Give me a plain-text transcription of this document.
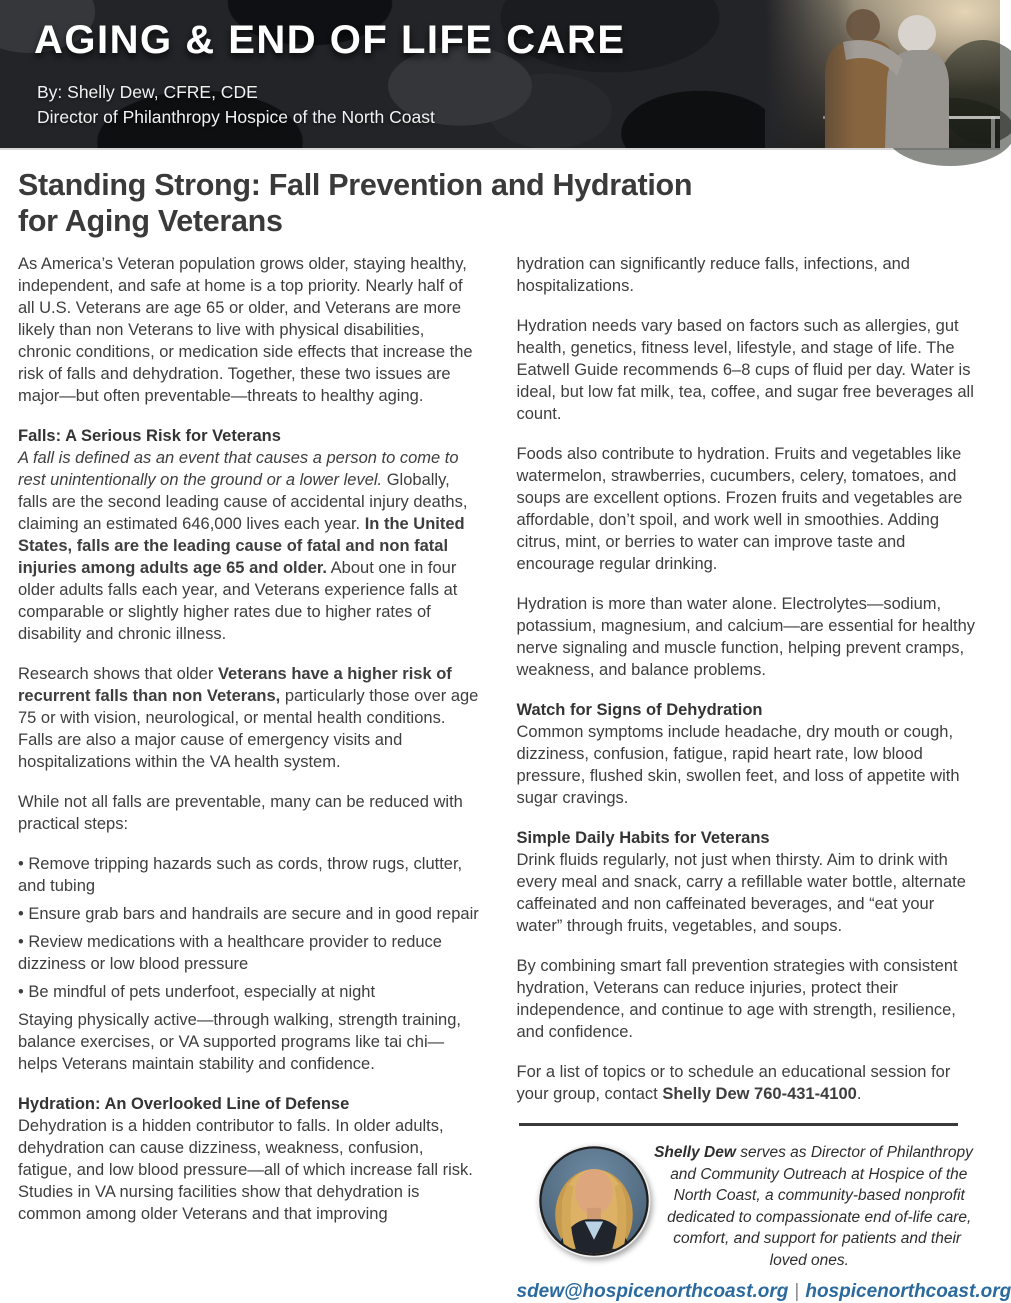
AGING & END OF LIFE CARE

By: Shelly Dew, CFRE, CDE

Director of Philanthropy Hospice of the North Coast

Standing Strong: Fall Prevention and Hydration
for Aging Veterans

As America’s Veteran population grows older, staying healthy, independent, and safe at home is a top priority. Nearly half of all U.S. Veterans are age 65 or older, and Veterans are more likely than non Veterans to live with physical disabilities, chronic conditions, or medication side effects that increase the risk of falls and dehydration. Together, these two issues are major—but often preventable—threats to healthy aging.

Falls: A Serious Risk for Veterans

A fall is defined as an event that causes a person to come to rest unintentionally on the ground or a lower level. Globally, falls are the second leading cause of accidental injury deaths, claiming an estimated 646,000 lives each year. In the United States, falls are the leading cause of fatal and non fatal injuries among adults age 65 and older. About one in four older adults falls each year, and Veterans experience falls at comparable or slightly higher rates due to higher rates of disability and chronic illness.

Research shows that older Veterans have a higher risk of recurrent falls than non Veterans, particularly those over age 75 or with vision, neurological, or mental health conditions. Falls are also a major cause of emergency visits and hospitalizations within the VA health system.

While not all falls are preventable, many can be reduced with practical steps:

• Remove tripping hazards such as cords, throw rugs, clutter, and tubing

• Ensure grab bars and handrails are secure and in good repair

• Review medications with a healthcare provider to reduce dizziness or low blood pressure

• Be mindful of pets underfoot, especially at night

Staying physically active—through walking, strength training, balance exercises, or VA supported programs like tai chi—helps Veterans maintain stability and confidence.

Hydration: An Overlooked Line of Defense

Dehydration is a hidden contributor to falls. In older adults, dehydration can cause dizziness, weakness, confusion, fatigue, and low blood pressure—all of which increase fall risk. Studies in VA nursing facilities show that dehydration is common among older Veterans and that improving

hydration can significantly reduce falls, infections, and hospitalizations.

Hydration needs vary based on factors such as allergies, gut health, genetics, fitness level, lifestyle, and stage of life. The Eatwell Guide recommends 6–8 cups of fluid per day. Water is ideal, but low fat milk, tea, coffee, and sugar free beverages all count.

Foods also contribute to hydration. Fruits and vegetables like watermelon, strawberries, cucumbers, celery, tomatoes, and soups are excellent options. Frozen fruits and vegetables are affordable, don’t spoil, and work well in smoothies. Adding citrus, mint, or berries to water can improve taste and encourage regular drinking.

Hydration is more than water alone. Electrolytes—sodium, potassium, magnesium, and calcium—are essential for healthy nerve signaling and muscle function, helping prevent cramps, weakness, and balance problems.

Watch for Signs of Dehydration

Common symptoms include headache, dry mouth or cough, dizziness, confusion, fatigue, rapid heart rate, low blood pressure, flushed skin, swollen feet, and loss of appetite with sugar cravings.

Simple Daily Habits for Veterans

Drink fluids regularly, not just when thirsty. Aim to drink with every meal and snack, carry a refillable water bottle, alternate caffeinated and non caffeinated beverages, and “eat your water” through fruits, vegetables, and soups.

By combining smart fall prevention strategies with consistent hydration, Veterans can reduce injuries, protect their independence, and continue to age with strength, resilience, and confidence.

For a list of topics or to schedule an educational session for your group, contact Shelly Dew 760-431-4100.

Shelly Dew serves as Director of Philanthropy and Community Outreach at Hospice of the North Coast, a community-based nonprofit dedicated to compassionate end of-life care, comfort, and support for patients and their loved ones.

sdew@hospicenorthcoast.org | hospicenorthcoast.org
